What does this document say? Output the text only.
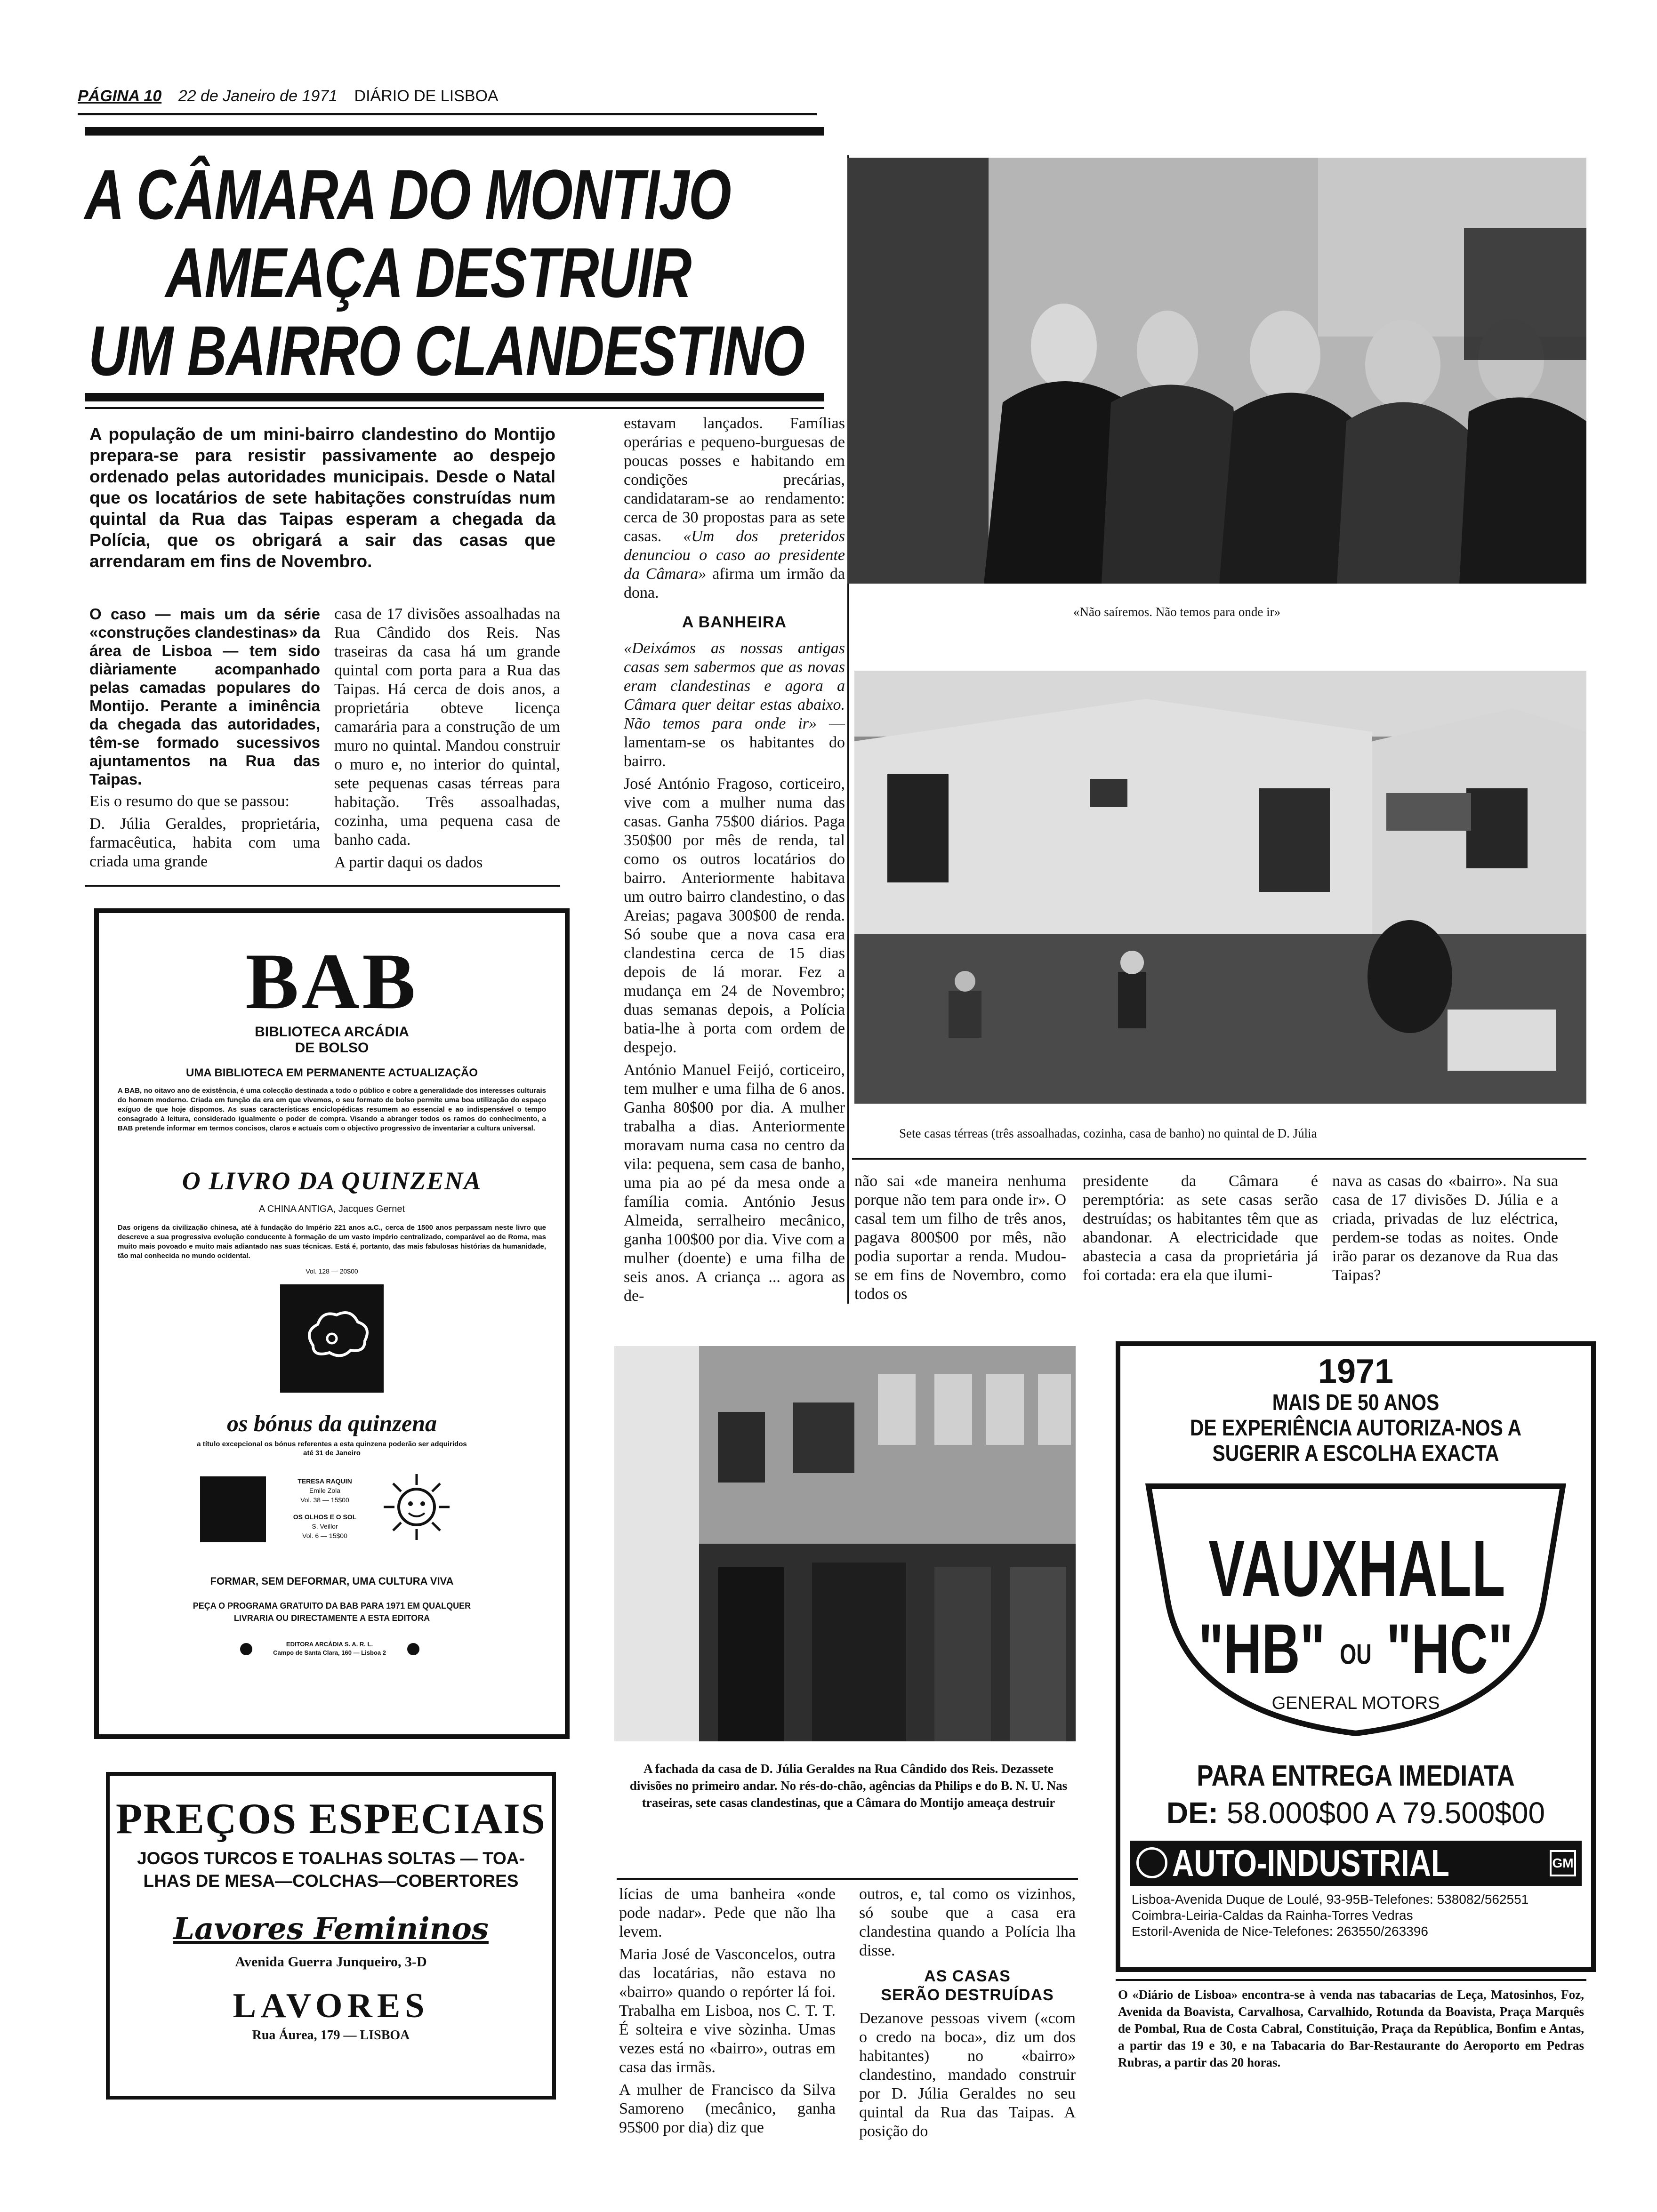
PÁGINA 10 22 de Janeiro de 1971 DIÁRIO DE LISBOA
A CÂMARA DO MONTIJO
AMEAÇA DESTRUIR
UM BAIRRO CLANDESTINO
A população de um mini-bairro clandestino do Montijo prepara-se para resistir passivamente ao despejo ordenado pelas autoridades municipais. Desde o Natal que os locatários de sete habitações construídas num quintal da Rua das Taipas esperam a chegada da Polícia, que os obrigará a sair das casas que arrendaram em fins de Novembro.

O caso — mais um da série «construções clandestinas» da área de Lisboa — tem sido diàriamente acompanhado pelas camadas populares do Montijo. Perante a iminência da chegada das autoridades, têm-se formado sucessivos ajuntamentos na Rua das Taipas.

Eis o resumo do que se passou:

D. Júlia Geraldes, proprietária, farmacêutica, habita com uma criada uma grande

casa de 17 divisões assoalhadas na Rua Cândido dos Reis. Nas traseiras da casa há um grande quintal com porta para a Rua das Taipas. Há cerca de dois anos, a proprietária obteve licença camarária para a construção de um muro no quintal. Mandou construir o muro e, no interior do quintal, sete pequenas casas térreas para habitação. Três assoalhadas, cozinha, uma pequena casa de banho cada.

A partir daqui os dados

estavam lançados. Famílias operárias e pequeno-burguesas de poucas posses e habitando em condições precárias, candidataram-se ao rendamento: cerca de 30 propostas para as sete casas. «Um dos preteridos denunciou o caso ao presidente da Câmara» afirma um irmão da dona.

A BANHEIRA

«Deixámos as nossas antigas casas sem sabermos que as novas eram clandestinas e agora a Câmara quer deitar estas abaixo. Não temos para onde ir» — lamentam-se os habitantes do bairro.

José António Fragoso, corticeiro, vive com a mulher numa das casas. Ganha 75$00 diários. Paga 350$00 por mês de renda, tal como os outros locatários do bairro. Anteriormente habitava um outro bairro clandestino, o das Areias; pagava 300$00 de renda. Só soube que a nova casa era clandestina cerca de 15 dias depois de lá morar. Fez a mudança em 24 de Novembro; duas semanas depois, a Polícia batia-lhe à porta com ordem de despejo.

António Manuel Feijó, corticeiro, tem mulher e uma filha de 6 anos. Ganha 80$00 por dia. A mulher trabalha a dias. Anteriormente moravam numa casa no centro da vila: pequena, sem casa de banho, uma pia ao pé da mesa onde a família comia. António Jesus Almeida, serralheiro mecânico, ganha 100$00 por dia. Vive com a mulher (doente) e uma filha de seis anos. A criança ... agora as de-

«Não saíremos. Não temos para onde ir»
Sete casas térreas (três assoalhadas, cozinha, casa de banho) no quintal de D. Júlia

não sai «de maneira nenhuma porque não tem para onde ir». O casal tem um filho de três anos, pagava 800$00 por mês, não podia suportar a renda. Mudou-se em fins de Novembro, como todos os

presidente da Câmara é peremptória: as sete casas serão destruídas; os habitantes têm que as abandonar. A electricidade que abastecia a casa da proprietária já foi cortada: era ela que ilumi-

nava as casas do «bairro». Na sua casa de 17 divisões D. Júlia e a criada, privadas de luz eléctrica, perdem-se todas as noites. Onde irão parar os dezanove da Rua das Taipas?

A fachada da casa de D. Júlia Geraldes na Rua Cândido dos Reis. Dezassete divisões no primeiro andar. No rés-do-chão, agências da Philips e do B. N. U. Nas traseiras, sete casas clandestinas, que a Câmara do Montijo ameaça destruir

lícias de uma banheira «onde pode nadar». Pede que não lha levem.

Maria José de Vasconcelos, outra das locatárias, não estava no «bairro» quando o repórter lá foi. Trabalha em Lisboa, nos C. T. T. É solteira e vive sòzinha. Umas vezes está no «bairro», outras em casa das irmãs.

A mulher de Francisco da Silva Samoreno (mecânico, ganha 95$00 por dia) diz que

outros, e, tal como os vizinhos, só soube que a casa era clandestina quando a Polícia lha disse.

AS CASAS
SERÃO DESTRUÍDAS

Dezanove pessoas vivem («com o credo na boca», diz um dos habitantes) no «bairro» clandestino, mandado construir por D. Júlia Geraldes no seu quintal da Rua das Taipas. A posição do

BAB
BIBLIOTECA ARCÁDIA
DE BOLSO
UMA BIBLIOTECA EM PERMANENTE ACTUALIZAÇÃO
A BAB, no oitavo ano de existência, é uma colecção destinada a todo o público e cobre a generalidade dos interesses culturais do homem moderno. Criada em função da era em que vivemos, o seu formato de bolso permite uma boa utilização do espaço exíguo de que hoje dispomos. As suas características enciclopédicas resumem ao essencial e ao indispensável o tempo consagrado à leitura, considerado igualmente o poder de compra. Visando a abranger todos os ramos do conhecimento, a BAB pretende informar em termos concisos, claros e actuais com o objectivo progressivo de inventariar a cultura universal.
O LIVRO DA QUINZENA
A CHINA ANTIGA, Jacques Gernet
Das origens da civilização chinesa, até à fundação do Império 221 anos a.C., cerca de 1500 anos perpassam neste livro que descreve a sua progressiva evolução conducente à formação de um vasto império centralizado, comparável ao de Roma, mas muito mais povoado e muito mais adiantado nas suas técnicas. Está é, portanto, das mais fabulosas histórias da humanidade, tão mal conhecida no mundo ocidental.
Vol. 128 — 20$00
os bónus da quinzena
a título excepcional os bónus referentes a esta quinzena poderão ser adquiridos até 31 de Janeiro
TERESA RAQUIN
Emile Zola
Vol. 38 — 15$00
OS OLHOS E O SOL
S. Veillor
Vol. 6 — 15$00
FORMAR, SEM DEFORMAR, UMA CULTURA VIVA
PEÇA O PROGRAMA GRATUITO DA BAB PARA 1971 EM QUALQUER LIVRARIA OU DIRECTAMENTE A ESTA EDITORA
EDITORA ARCÁDIA S. A. R. L.
Campo de Santa Clara, 160 — Lisboa 2
PREÇOS ESPECIAIS
JOGOS TURCOS E TOALHAS SOLTAS — TOA-
LHAS DE MESA—COLCHAS—COBERTORES
Lavores Femininos
Avenida Guerra Junqueiro, 3-D
LAVORES
Rua Áurea, 179 — LISBOA
1971
MAIS DE 50 ANOS
DE EXPERIÊNCIA AUTORIZA-NOS A
SUGERIR A ESCOLHA EXACTA
VAUXHALL
"HB" OU "HC"
GENERAL MOTORS
PARA ENTREGA IMEDIATA
DE: 58.000$00 A 79.500$00
AUTO-INDUSTRIAL	GM
Lisboa-Avenida Duque de Loulé, 93-95B-Telefones: 538082/562551
Coimbra-Leiria-Caldas da Rainha-Torres Vedras
Estoril-Avenida de Nice-Telefones: 263550/263396
O «Diário de Lisboa» encontra-se à venda nas tabacarias de Leça, Matosinhos, Foz, Avenida da Boavista, Carvalhosa, Carvalhido, Rotunda da Boavista, Praça Marquês de Pombal, Rua de Costa Cabral, Constituição, Praça da República, Bonfim e Antas, a partir das 19 e 30, e na Tabacaria do Bar-Restaurante do Aeroporto em Pedras Rubras, a partir das 20 horas.
